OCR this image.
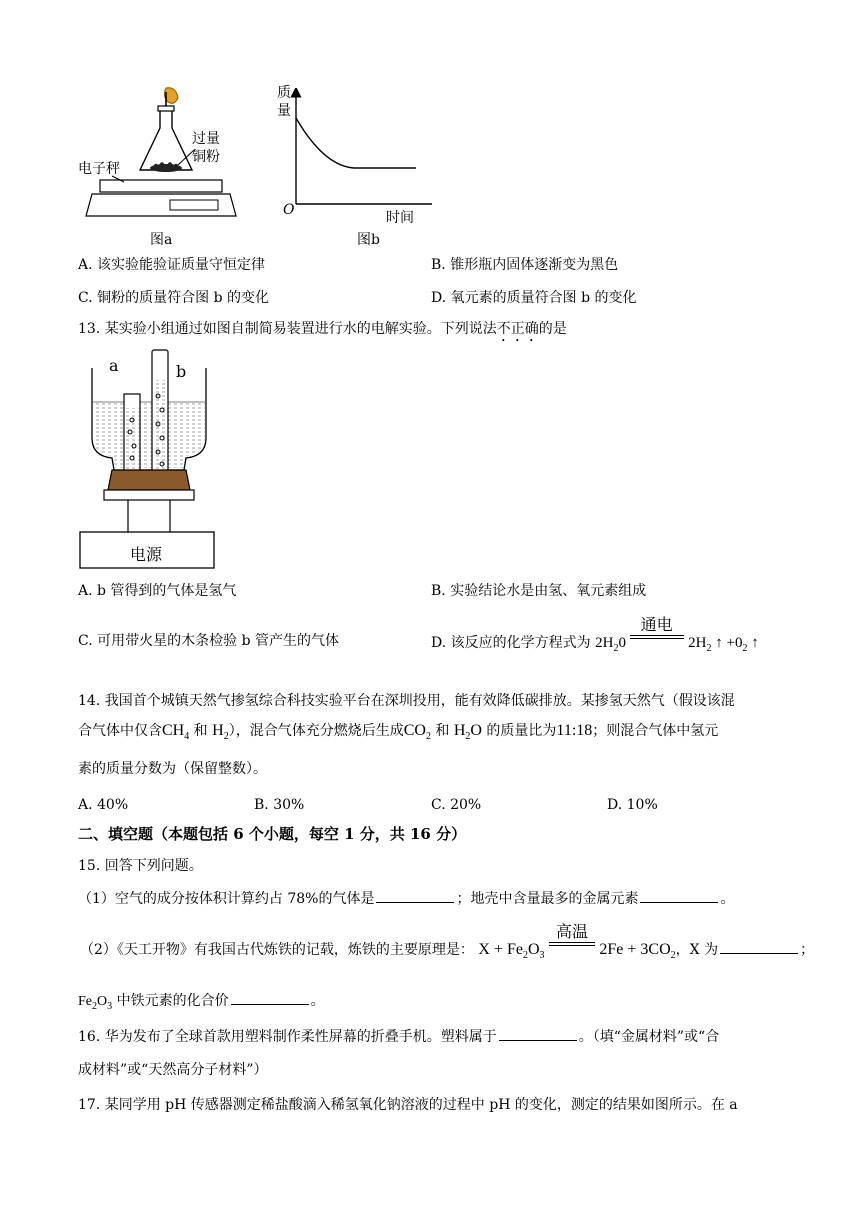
电子秤
过量
铜粉
图a
质
量
O	时间
图b
A. 该实验能验证质量守恒定律	B. 锥形瓶内固体逐渐变为黑色
C. 铜粉的质量符合图 b 的变化	D. 氧元素的质量符合图 b 的变化
13. 某实验小组通过如图自制简易装置进行水的电解实验。下列说法不正确的是
a	b
电源
A. b 管得到的气体是氢气	B. 实验结论水是由氢、氧元素组成
C. 可用带火星的木条检验 b 管产生的气体	D. 该反应的化学方程式为 $2H_20$
通电
$2H_2$ ↑ $+0_2$ ↑
14. 我国首个城镇天然气掺氢综合科技实验平台在深圳投用，能有效降低碳排放。某掺氢天然气（假设该混
合气体中仅含$CH_4$ 和 $H_2$），混合气体充分燃烧后生成$CO_2$ 和 $H_2O$ 的质量比为11:18；则混合气体中氢元
素的质量分数为（保留整数）。
A. 40%	B. 30%	C. 20%	D. 10%
二、填空题（本题包括 6 个小题，每空 1 分，共 16 分）
15. 回答下列问题。
（1）空气的成分按体积计算约占 78%的气体是	；地壳中含量最多的金属元素	。
（2）《天工开物》有我国古代炼铁的记载，炼铁的主要原理是： $X + Fe_2O_3$
高温
$2Fe + 3CO_2$，X 为	；
$Fe_2O_3$ 中铁元素的化合价	。
16. 华为发布了全球首款用塑料制作柔性屏幕的折叠手机。塑料属于	。（填“金属材料”或“合
成材料”或“天然高分子材料”）
17. 某同学用 pH 传感器测定稀盐酸滴入稀氢氧化钠溶液的过程中 pH 的变化，测定的结果如图所示。在 a
